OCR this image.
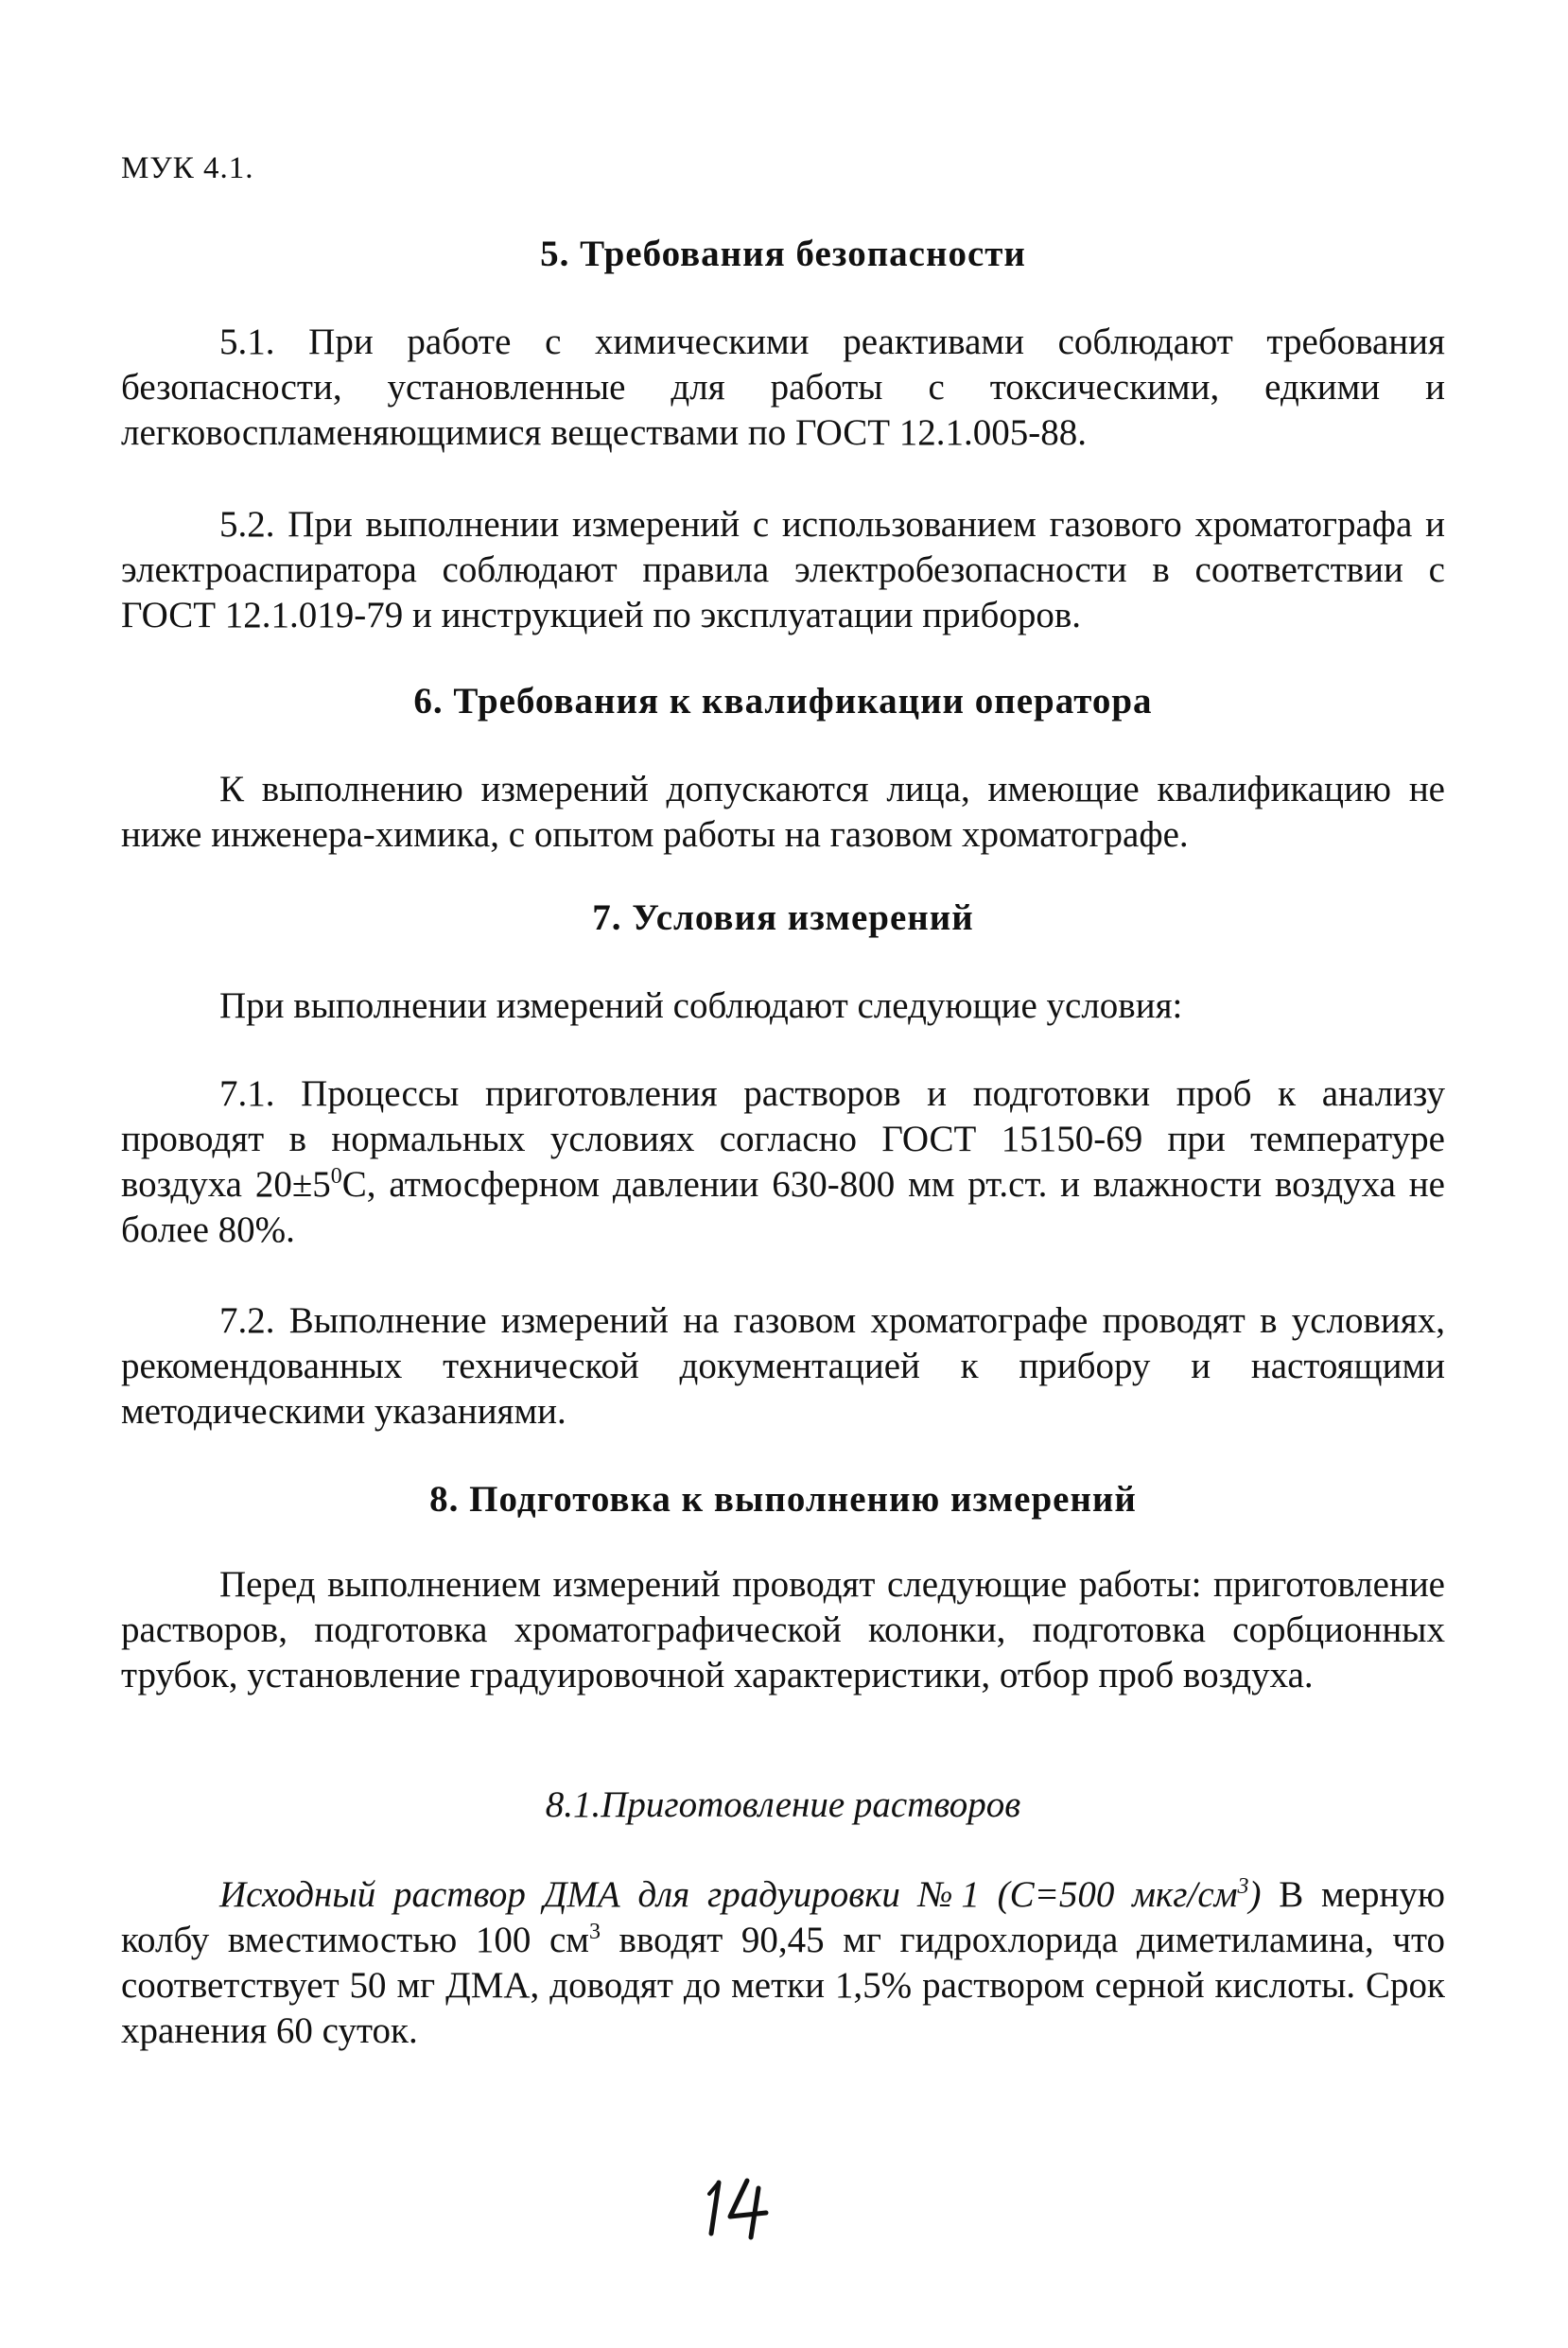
МУК 4.1.
5. Требования безопасности

5.1. При работе с химическими реактивами соблюдают требования безопасности, установленные для работы с токсическими, едкими и легковоспламеняющимися веществами по ГОСТ 12.1.005-88.

5.2. При выполнении измерений с использованием газового хроматографа и электроаспиратора соблюдают правила электробезопасности в соответствии с ГОСТ 12.1.019-79 и инструкцией по эксплуатации приборов.

6. Требования к квалификации оператора

К выполнению измерений допускаются лица, имеющие квалификацию не ниже инженера-химика, с опытом работы на газовом хроматографе.

7. Условия измерений

При выполнении измерений соблюдают следующие условия:

7.1. Процессы приготовления растворов и подготовки проб к анализу проводят в нормальных условиях согласно ГОСТ 15150-69 при температуре воздуха $20\pm 5^0С$, атмосферном давлении 630-800 мм рт.ст. и влажности воздуха не более 80%.

7.2. Выполнение измерений на газовом хроматографе проводят в условиях, рекомендованных технической документацией к прибору и настоящими методическими указаниями.

8. Подготовка к выполнению измерений

Перед выполнением измерений проводят следующие работы: приготовление растворов, подготовка хроматографической колонки, подготовка сорбционных трубок, установление градуировочной характеристики, отбор проб воздуха.

8.1.Приготовление растворов

Исходный раствор ДМА для градуировки №1 (С=500 мкг/$см^3$) В мерную колбу вместимостью 100 $см^3$ вводят 90,45 мг гидрохлорида диметиламина, что соответствует 50 мг ДМА, доводят до метки 1,5% раствором серной кислоты. Срок хранения 60 суток.
